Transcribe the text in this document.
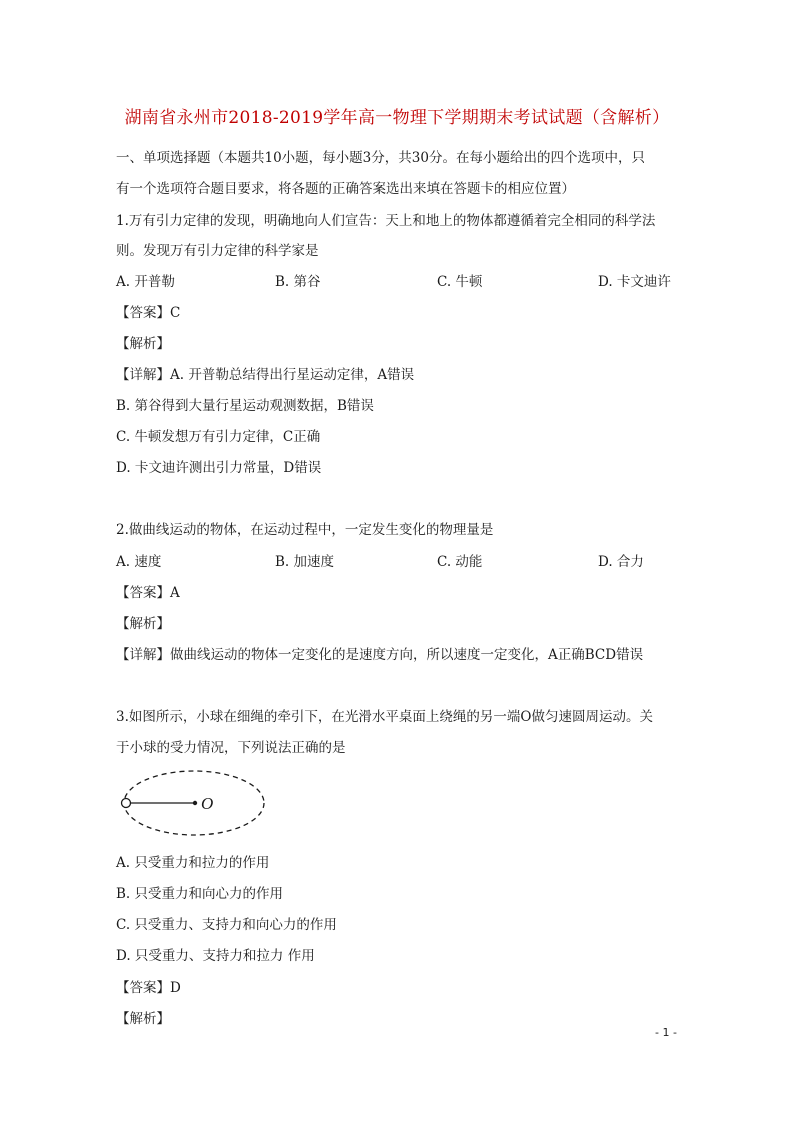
湖南省永州市2018-2019学年高一物理下学期期末考试试题（含解析）
一、单项选择题（本题共10小题，每小题3分，共30分。在每小题给出的四个选项中，只
有一个选项符合题目要求，将各题的正确答案选出来填在答题卡的相应位置）
1.万有引力定律的发现，明确地向人们宣告：天上和地上的物体都遵循着完全相同的科学法
则。发现万有引力定律的科学家是
A. 开普勒	B. 第谷	C. 牛顿	D. 卡文迪许
【答案】C
【解析】
【详解】A. 开普勒总结得出行星运动定律，A错误
B. 第谷得到大量行星运动观测数据，B错误
C. 牛顿发想万有引力定律，C正确
D. 卡文迪许测出引力常量，D错误
2.做曲线运动的物体，在运动过程中，一定发生变化的物理量是
A. 速度	B. 加速度	C. 动能	D. 合力
【答案】A
【解析】
【详解】做曲线运动的物体一定变化的是速度方向，所以速度一定变化，A正确BCD错误
3.如图所示，小球在细绳的牵引下，在光滑水平桌面上绕绳的另一端O做匀速圆周运动。关
于小球的受力情况，下列说法正确的是
O
A. 只受重力和拉力的作用
B. 只受重力和向心力的作用
C. 只受重力、支持力和向心力的作用
D. 只受重力、支持力和拉力 作用
【答案】D
【解析】
- 1 -
